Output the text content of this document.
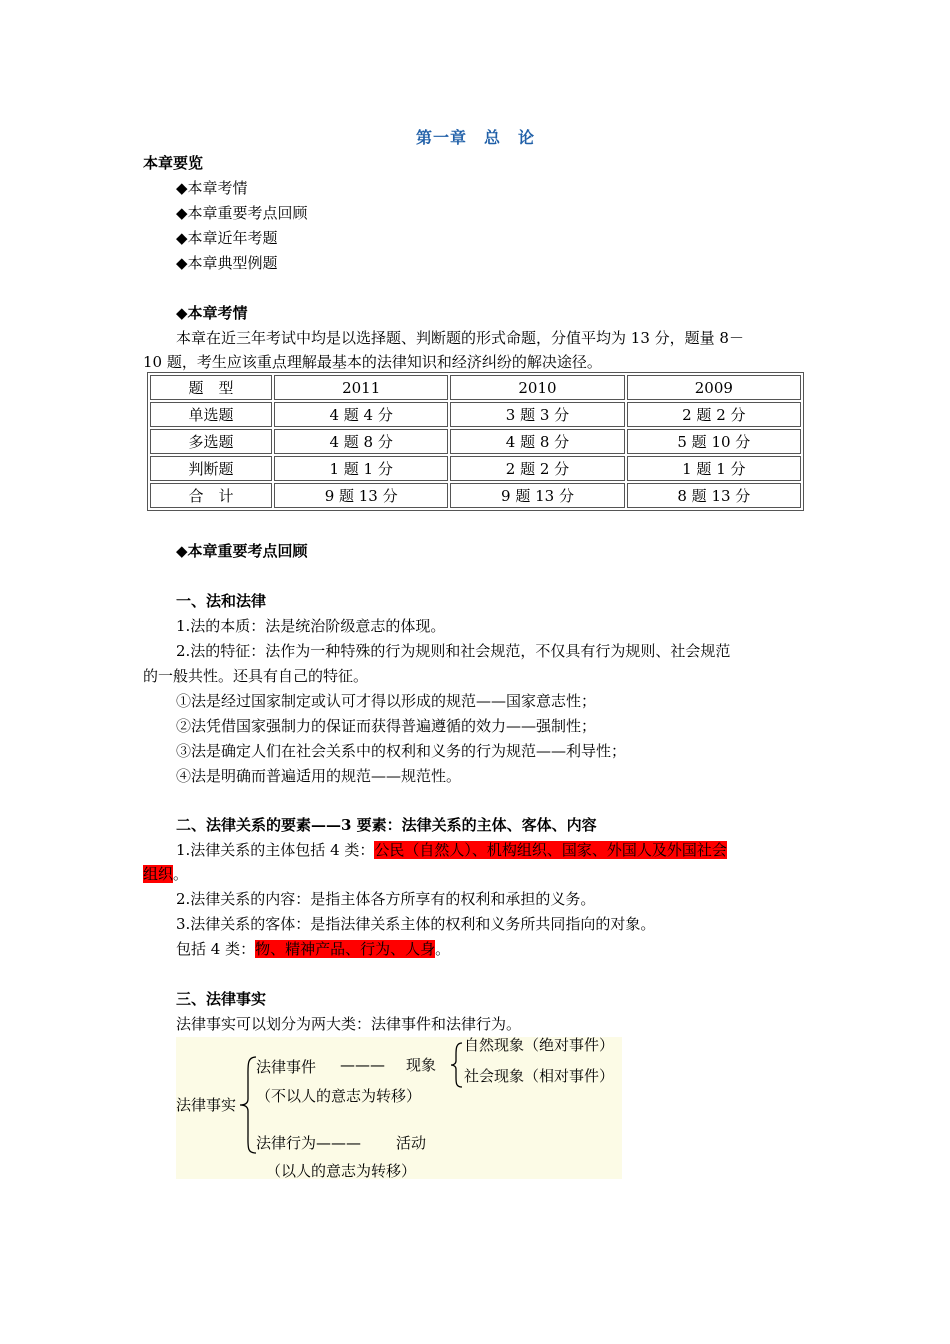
第一章　总　论
本章要览
◆本章考情
◆本章重要考点回顾
◆本章近年考题
◆本章典型例题
◆本章考情
本章在近三年考试中均是以选择题、判断题的形式命题，分值平均为 13 分，题量 8－
10 题，考生应该重点理解最基本的法律知识和经济纠纷的解决途径。
题　型	2011	2010	2009
单选题	4 题 4 分	3 题 3 分	2 题 2 分
多选题	4 题 8 分	4 题 8 分	5 题 10 分
判断题	1 题 1 分	2 题 2 分	1 题 1 分
合　计	9 题 13 分	9 题 13 分	8 题 13 分
◆本章重要考点回顾
一、法和法律
1.法的本质：法是统治阶级意志的体现。
2.法的特征：法作为一种特殊的行为规则和社会规范，不仅具有行为规则、社会规范
的一般共性。还具有自己的特征。
①法是经过国家制定或认可才得以形成的规范——国家意志性；
②法凭借国家强制力的保证而获得普遍遵循的效力——强制性；
③法是确定人们在社会关系中的权利和义务的行为规范——利导性；
④法是明确而普遍适用的规范——规范性。
二、法律关系的要素——3 要素：法律关系的主体、客体、内容
1.法律关系的主体包括 4 类：公民（自然人）、机构组织、国家、外国人及外国社会
组织。
2.法律关系的内容：是指主体各方所享有的权利和承担的义务。
3.法律关系的客体：是指法律关系主体的权利和义务所共同指向的对象。
包括 4 类：物、精神产品、行为、人身。
三、法律事实
法律事实可以划分为两大类：法律事件和法律行为。
法律事实
法律事件 ——— 现象
自然现象（绝对事件）
社会现象（相对事件）
（不以人的意志为转移）
法律行为——— 活动
（以人的意志为转移）
